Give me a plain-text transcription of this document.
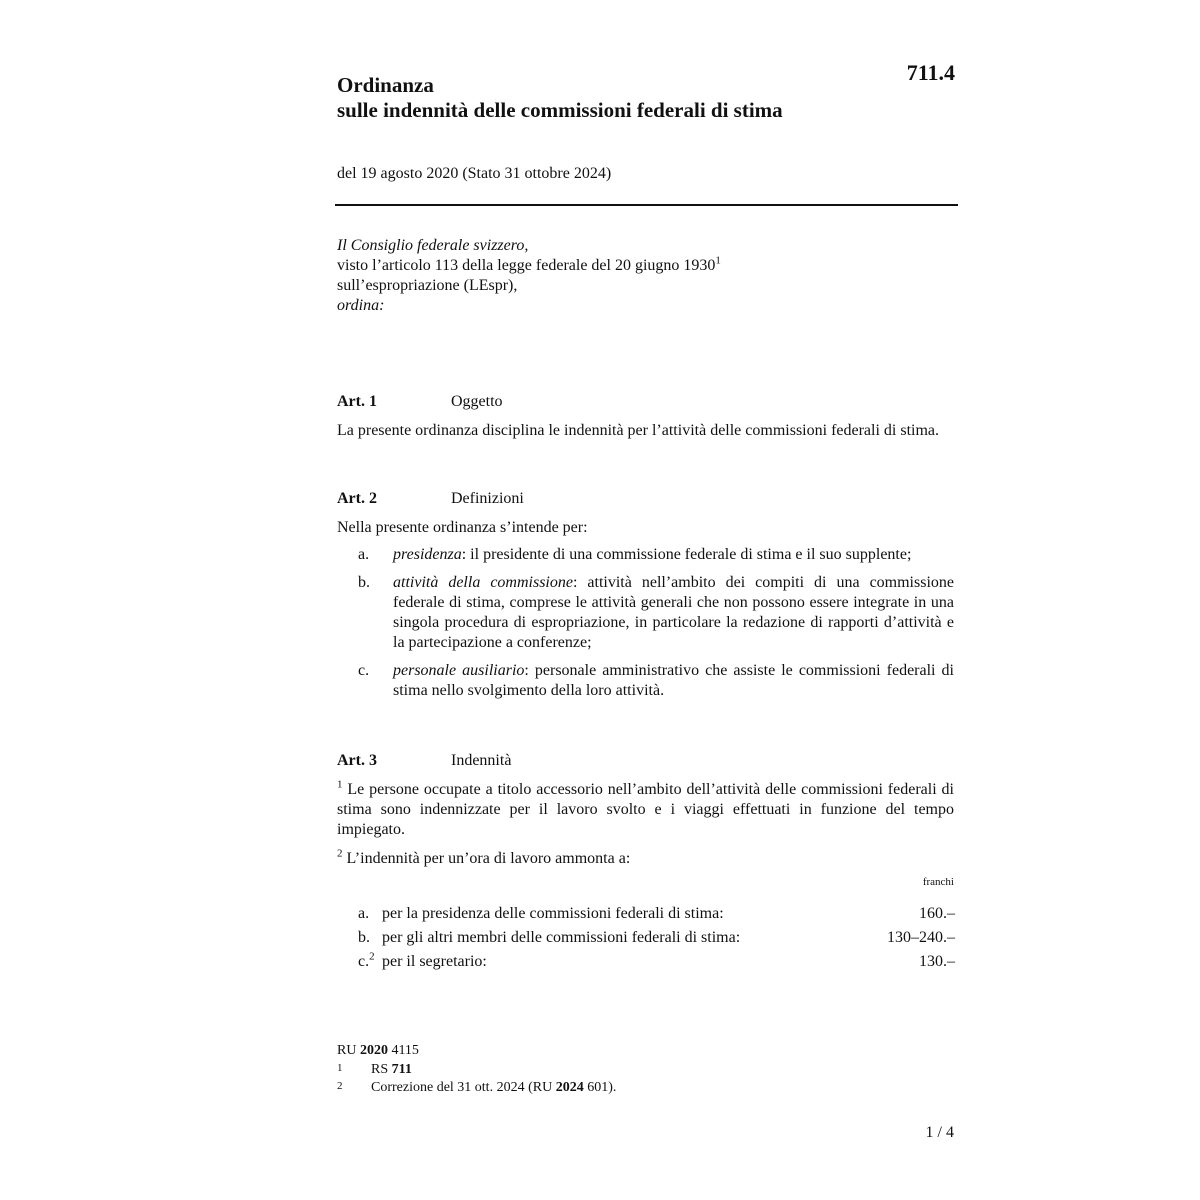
711.4
Ordinanza
sulle indennità delle commissioni federali di stima
del 19 agosto 2020 (Stato 31 ottobre 2024)
Il Consiglio federale svizzero,
visto l’articolo 113 della legge federale del 20 giugno 1930$^1$
sull’espropriazione (LEspr),
ordina:
Art. 1	Oggetto
La presente ordinanza disciplina le indennità per l’attività delle commissioni federali di stima.
Art. 2	Definizioni
Nella presente ordinanza s’intende per:
a.	presidenza: il presidente di una commissione federale di stima e il suo supplente;
b.	attività della commissione: attività nell’ambito dei compiti di una commissione federale di stima, comprese le attività generali che non possono essere integrate in una singola procedura di espropriazione, in particolare la redazione di rapporti d’attività e la partecipazione a conferenze;
c.	personale ausiliario: personale amministrativo che assiste le commissioni federali di stima nello svolgimento della loro attività.
Art. 3	Indennità
$^1$ Le persone occupate a titolo accessorio nell’ambito dell’attività delle commissioni federali di stima sono indennizzate per il lavoro svolto e i viaggi effettuati in funzione del tempo impiegato.
$^2$ L’indennità per un’ora di lavoro ammonta a:
franchi
a. per la presidenza delle commissioni federali di stima:	160.–
b. per gli altri membri delle commissioni federali di stima:	130–240.–
c.$^2$ per il segretario:	130.–
RU 2020 4115
1	RS 711
2	Correzione del 31 ott. 2024 (RU 2024 601).
1 / 4
